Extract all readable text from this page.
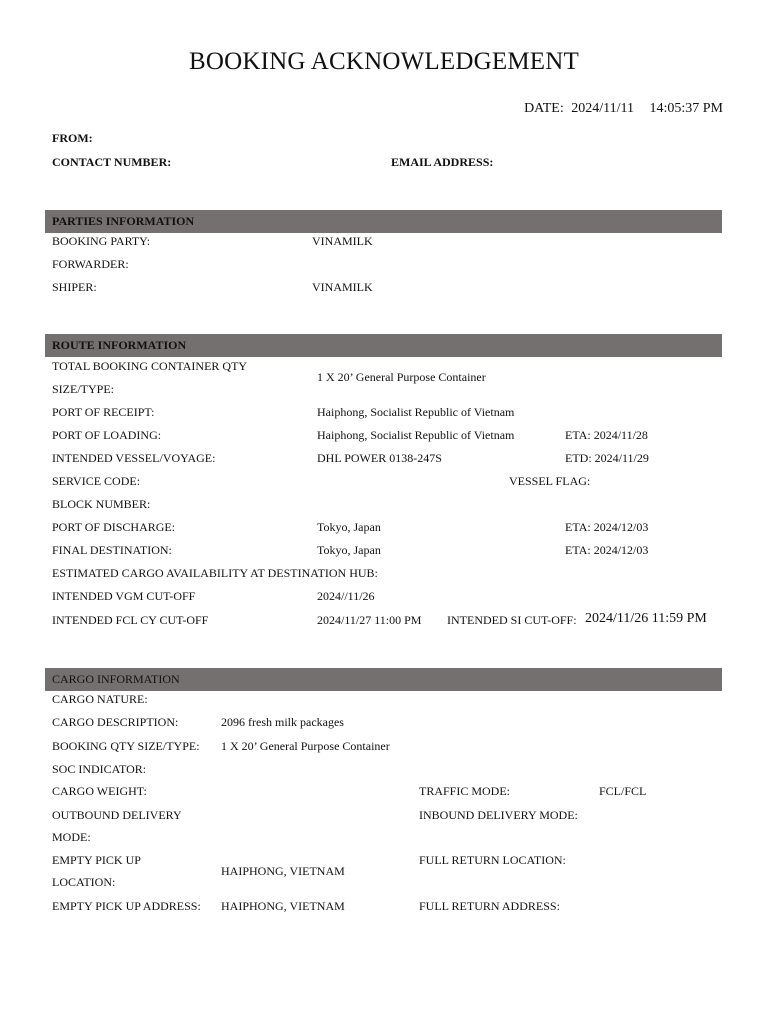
BOOKING ACKNOWLEDGEMENT
DATE: 2024/11/11 14:05:37 PM
FROM:
CONTACT NUMBER:	EMAIL ADDRESS:
PARTIES INFORMATION
BOOKING PARTY:	VINAMILK
FORWARDER:
SHIPER:	VINAMILK
ROUTE INFORMATION
TOTAL BOOKING CONTAINER QTY
SIZE/TYPE:
1 X 20’ General Purpose Container
PORT OF RECEIPT:	Haiphong, Socialist Republic of Vietnam
PORT OF LOADING:	Haiphong, Socialist Republic of Vietnam	ETA: 2024/11/28
INTENDED VESSEL/VOYAGE:	DHL POWER 0138-247S	ETD: 2024/11/29
SERVICE CODE:	VESSEL FLAG:
BLOCK NUMBER:
PORT OF DISCHARGE:	Tokyo, Japan	ETA: 2024/12/03
FINAL DESTINATION:	Tokyo, Japan	ETA: 2024/12/03
ESTIMATED CARGO AVAILABILITY AT DESTINATION HUB:
INTENDED VGM CUT-OFF	2024//11/26
INTENDED FCL CY CUT-OFF	2024/11/27 11:00 PM INTENDED SI CUT-OFF: 2024/11/26 11:59 PM
CARGO INFORMATION
CARGO NATURE:
CARGO DESCRIPTION:	2096 fresh milk packages
BOOKING QTY SIZE/TYPE: 1 X 20’ General Purpose Container
SOC INDICATOR:
CARGO WEIGHT:	TRAFFIC MODE:	FCL/FCL
OUTBOUND DELIVERY
MODE:
INBOUND DELIVERY MODE:
EMPTY PICK UP
LOCATION:
HAIPHONG, VIETNAM
FULL RETURN LOCATION:
EMPTY PICK UP ADDRESS: HAIPHONG, VIETNAM	FULL RETURN ADDRESS:
